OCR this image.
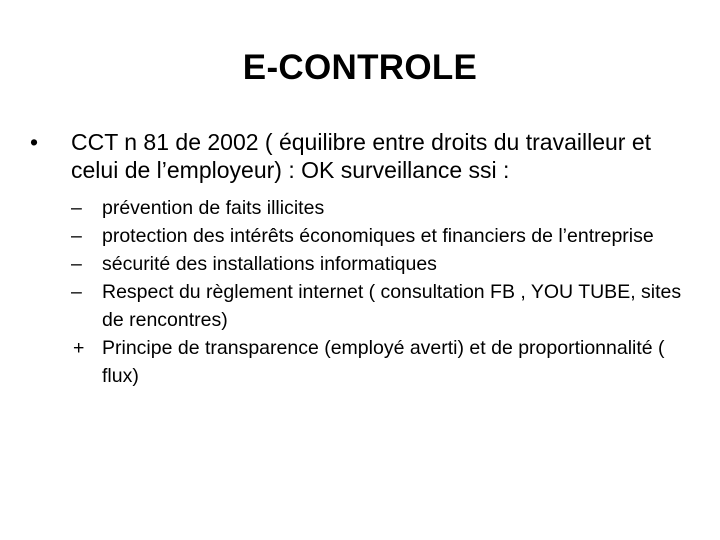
E-CONTROLE
• CCT n 81 de 2002 ( équilibre entre droits du travailleur et celui de l’employeur) : OK surveillance ssi :
– prévention de faits illicites
– protection des intérêts économiques et financiers de l’entreprise
– sécurité des installations informatiques
– Respect du règlement internet ( consultation FB , YOU TUBE, sites de rencontres)
+ Principe de transparence (employé averti) et de proportionnalité ( flux)
